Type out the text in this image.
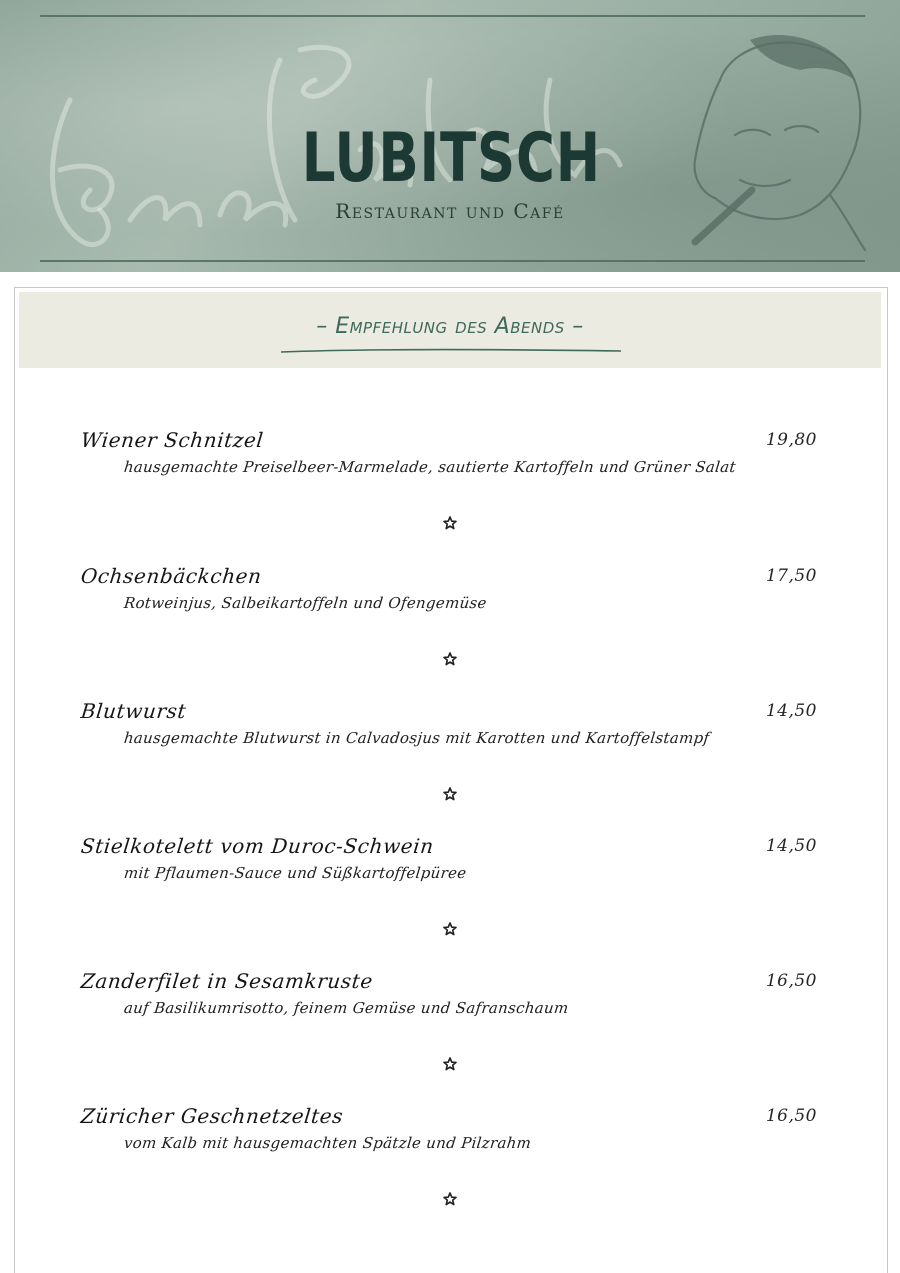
LUBITSCH
Restaurant und Café
– Empfehlung des Abends –
Wiener Schnitzel
hausgemachte Preiselbeer-Marmelade, sautierte Kartoffeln und Grüner Salat
19,80
Ochsenbäckchen
Rotweinjus, Salbeikartoffeln und Ofengemüse
17,50
Blutwurst
hausgemachte Blutwurst in Calvadosjus mit Karotten und Kartoffelstampf
14,50
Stielkotelett vom Duroc-Schwein
mit Pflaumen-Sauce und Süßkartoffelpüree
14,50
Zanderfilet in Sesamkruste
auf Basilikumrisotto, feinem Gemüse und Safranschaum
16,50
Züricher Geschnetzeltes
vom Kalb mit hausgemachten Spätzle und Pilzrahm
16,50
